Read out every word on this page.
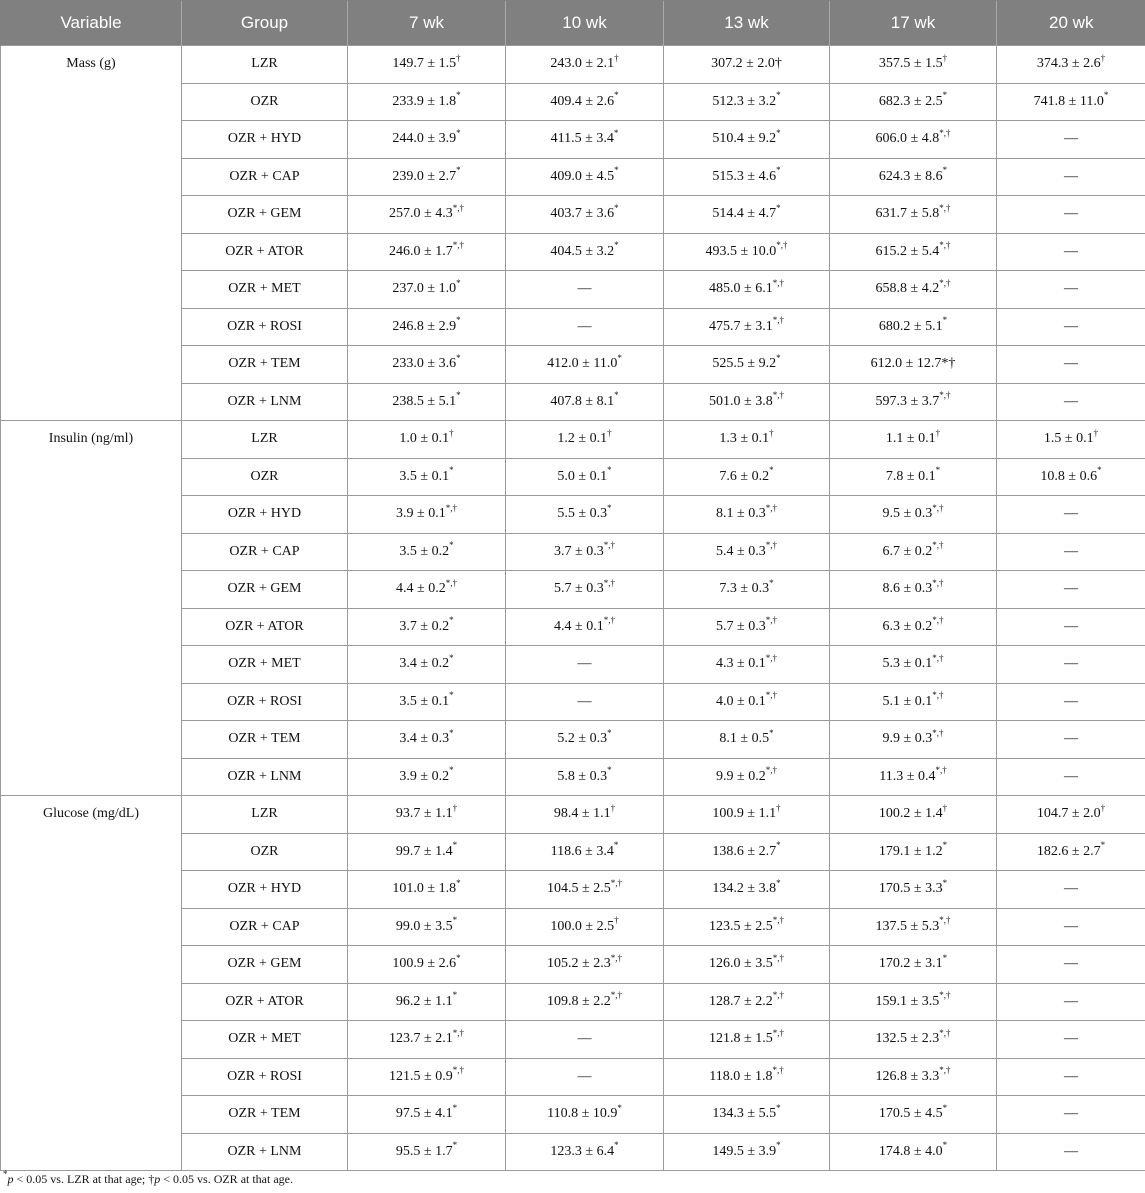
Variable	Group	7 wk	10 wk	13 wk	17 wk	20 wk
Mass (g)	LZR	149.7 ± 1.5†	243.0 ± 2.1†	307.2 ± 2.0†	357.5 ± 1.5†	374.3 ± 2.6†
	OZR	233.9 ± 1.8*	409.4 ± 2.6*	512.3 ± 3.2*	682.3 ± 2.5*	741.8 ± 11.0*
	OZR + HYD	244.0 ± 3.9*	411.5 ± 3.4*	510.4 ± 9.2*	606.0 ± 4.8*,†	—
	OZR + CAP	239.0 ± 2.7*	409.0 ± 4.5*	515.3 ± 4.6*	624.3 ± 8.6*	—
	OZR + GEM	257.0 ± 4.3*,†	403.7 ± 3.6*	514.4 ± 4.7*	631.7 ± 5.8*,†	—
	OZR + ATOR	246.0 ± 1.7*,†	404.5 ± 3.2*	493.5 ± 10.0*,†	615.2 ± 5.4*,†	—
	OZR + MET	237.0 ± 1.0*	—	485.0 ± 6.1*,†	658.8 ± 4.2*,†	—
	OZR + ROSI	246.8 ± 2.9*	—	475.7 ± 3.1*,†	680.2 ± 5.1*	—
	OZR + TEM	233.0 ± 3.6*	412.0 ± 11.0*	525.5 ± 9.2*	612.0 ± 12.7*†	—
	OZR + LNM	238.5 ± 5.1*	407.8 ± 8.1*	501.0 ± 3.8*,†	597.3 ± 3.7*,†	—
Insulin (ng/ml)	LZR	1.0 ± 0.1†	1.2 ± 0.1†	1.3 ± 0.1†	1.1 ± 0.1†	1.5 ± 0.1†
	OZR	3.5 ± 0.1*	5.0 ± 0.1*	7.6 ± 0.2*	7.8 ± 0.1*	10.8 ± 0.6*
	OZR + HYD	3.9 ± 0.1*,†	5.5 ± 0.3*	8.1 ± 0.3*,†	9.5 ± 0.3*,†	—
	OZR + CAP	3.5 ± 0.2*	3.7 ± 0.3*,†	5.4 ± 0.3*,†	6.7 ± 0.2*,†	—
	OZR + GEM	4.4 ± 0.2*,†	5.7 ± 0.3*,†	7.3 ± 0.3*	8.6 ± 0.3*,†	—
	OZR + ATOR	3.7 ± 0.2*	4.4 ± 0.1*,†	5.7 ± 0.3*,†	6.3 ± 0.2*,†	—
	OZR + MET	3.4 ± 0.2*	—	4.3 ± 0.1*,†	5.3 ± 0.1*,†	—
	OZR + ROSI	3.5 ± 0.1*	—	4.0 ± 0.1*,†	5.1 ± 0.1*,†	—
	OZR + TEM	3.4 ± 0.3*	5.2 ± 0.3*	8.1 ± 0.5*	9.9 ± 0.3*,†	—
	OZR + LNM	3.9 ± 0.2*	5.8 ± 0.3*	9.9 ± 0.2*,†	11.3 ± 0.4*,†	—
Glucose (mg/dL)	LZR	93.7 ± 1.1†	98.4 ± 1.1†	100.9 ± 1.1†	100.2 ± 1.4†	104.7 ± 2.0†
	OZR	99.7 ± 1.4*	118.6 ± 3.4*	138.6 ± 2.7*	179.1 ± 1.2*	182.6 ± 2.7*
	OZR + HYD	101.0 ± 1.8*	104.5 ± 2.5*,†	134.2 ± 3.8*	170.5 ± 3.3*	—
	OZR + CAP	99.0 ± 3.5*	100.0 ± 2.5†	123.5 ± 2.5*,†	137.5 ± 5.3*,†	—
	OZR + GEM	100.9 ± 2.6*	105.2 ± 2.3*,†	126.0 ± 3.5*,†	170.2 ± 3.1*	—
	OZR + ATOR	96.2 ± 1.1*	109.8 ± 2.2*,†	128.7 ± 2.2*,†	159.1 ± 3.5*,†	—
	OZR + MET	123.7 ± 2.1*,†	—	121.8 ± 1.5*,†	132.5 ± 2.3*,†	—
	OZR + ROSI	121.5 ± 0.9*,†	—	118.0 ± 1.8*,†	126.8 ± 3.3*,†	—
	OZR + TEM	97.5 ± 4.1*	110.8 ± 10.9*	134.3 ± 5.5*	170.5 ± 4.5*	—
	OZR + LNM	95.5 ± 1.7*	123.3 ± 6.4*	149.5 ± 3.9*	174.8 ± 4.0*	—
*p < 0.05 vs. LZR at that age; †p < 0.05 vs. OZR at that age.
